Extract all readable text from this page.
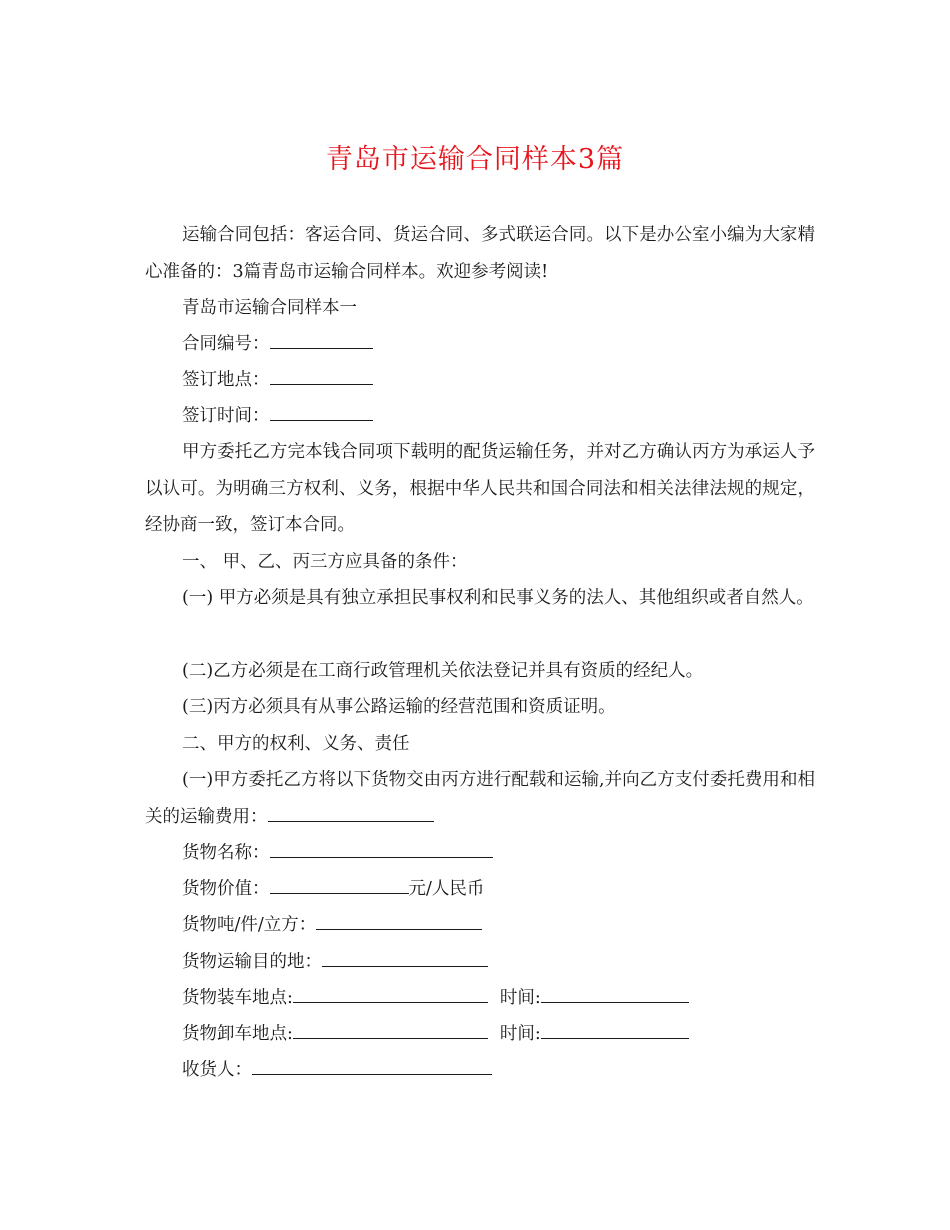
青岛市运输合同样本3篇

运输合同包括：客运合同、货运合同、多式联运合同。以下是办公室小编为大家精心准备的：3篇青岛市运输合同样本。欢迎参考阅读!

青岛市运输合同样本一

合同编号：

签订地点：

签订时间：

甲方委托乙方完本钱合同项下载明的配货运输任务，并对乙方确认丙方为承运人予以认可。为明确三方权利、义务，根据中华人民共和国合同法和相关法律法规的规定，经协商一致，签订本合同。

一、 甲、乙、丙三方应具备的条件：

(一) 甲方必须是具有独立承担民事权利和民事义务的法人、其他组织或者自然人。

(二)乙方必须是在工商行政管理机关依法登记并具有资质的经纪人。

(三)丙方必须具有从事公路运输的经营范围和资质证明。

二、甲方的权利、义务、责任

(一)甲方委托乙方将以下货物交由丙方进行配载和运输,并向乙方支付委托费用和相关的运输费用：

货物名称：

货物价值：	元/人民币

货物吨/件/立方：

货物运输目的地：

货物装车地点:	时间:

货物卸车地点:	时间:

收货人：
